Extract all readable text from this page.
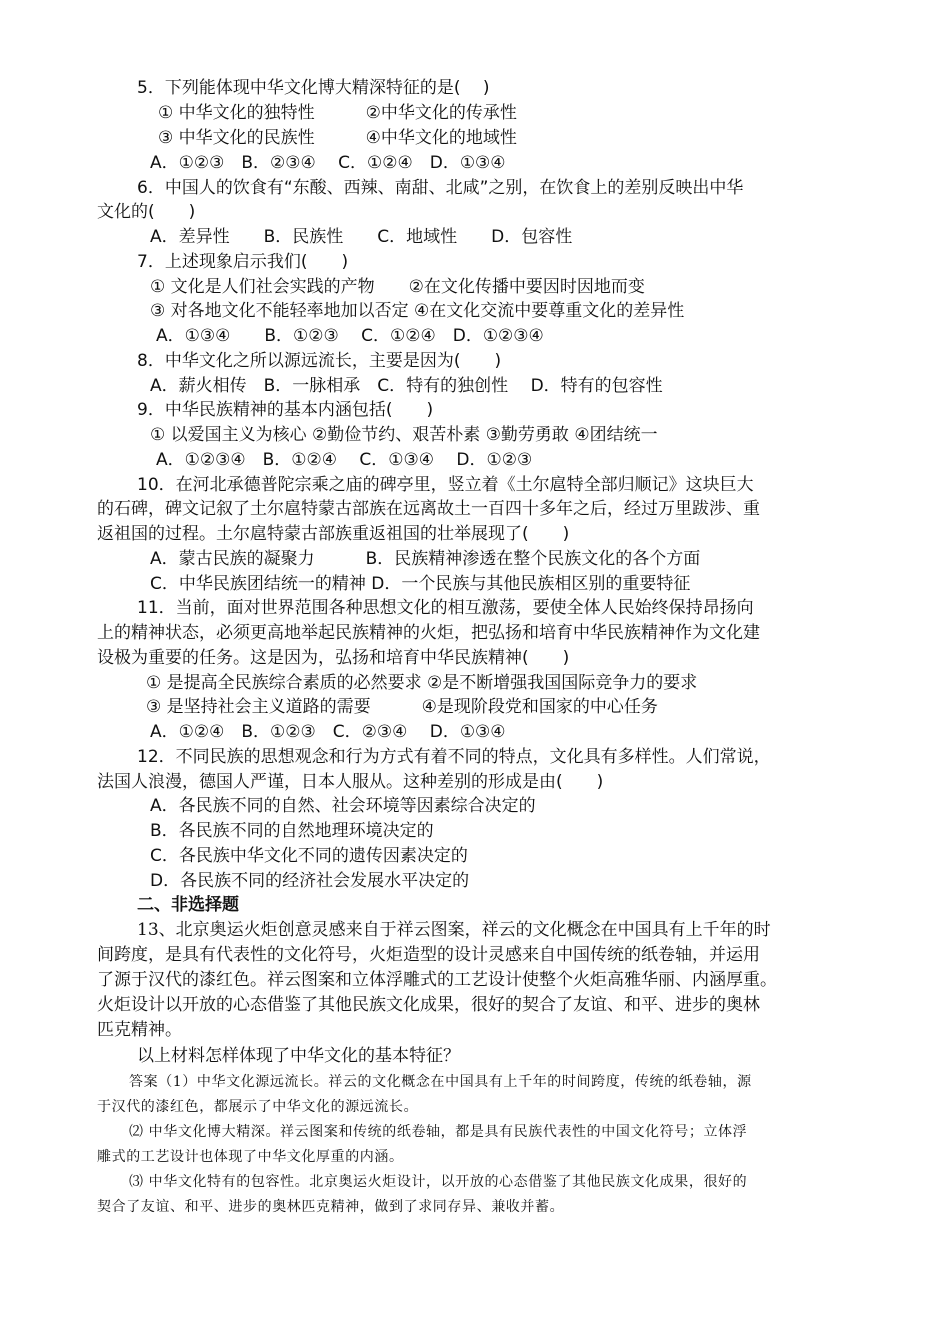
5．下列能体现中华文化博大精深特征的是(　 )
① 中华文化的独特性　　　②中华文化的传承性
③ 中华文化的民族性　　　④中华文化的地域性
A．①②③　B．②③④　 C．①②④　D．①③④
6．中国人的饮食有“东酸、西辣、南甜、北咸”之别，在饮食上的差别反映出中华
文化的(　　)
A．差异性　　B．民族性　　C．地域性　　D．包容性
7．上述现象启示我们(　　)
① 文化是人们社会实践的产物　　②在文化传播中要因时因地而变
③ 对各地文化不能轻率地加以否定 ④在文化交流中要尊重文化的差异性
A．①③④　　B．①②③　 C．①②④　D．①②③④
8．中华文化之所以源远流长，主要是因为(　　)
A．薪火相传　B．一脉相承　C．特有的独创性　 D．特有的包容性
9．中华民族精神的基本内涵包括(　　)
① 以爱国主义为核心 ②勤俭节约、艰苦朴素 ③勤劳勇敢 ④团结统一
A．①②③④　B．①②④　 C．①③④　 D．①②③
10．在河北承德普陀宗乘之庙的碑亭里，竖立着《土尔扈特全部归顺记》这块巨大
的石碑，碑文记叙了土尔扈特蒙古部族在远离故土一百四十多年之后，经过万里跋涉、重
返祖国的过程。土尔扈特蒙古部族重返祖国的壮举展现了(　　)
A．蒙古民族的凝聚力　　　B．民族精神渗透在整个民族文化的各个方面
C．中华民族团结统一的精神 D．一个民族与其他民族相区别的重要特征
11．当前，面对世界范围各种思想文化的相互激荡，要使全体人民始终保持昂扬向
上的精神状态，必须更高地举起民族精神的火炬，把弘扬和培育中华民族精神作为文化建
设极为重要的任务。这是因为，弘扬和培育中华民族精神(　　)
① 是提高全民族综合素质的必然要求 ②是不断增强我国国际竞争力的要求
③ 是坚持社会主义道路的需要　　　④是现阶段党和国家的中心任务
A．①②④　B．①②③　C．②③④　 D．①③④
12．不同民族的思想观念和行为方式有着不同的特点，文化具有多样性。人们常说，
法国人浪漫，德国人严谨，日本人服从。这种差别的形成是由(　　)
A．各民族不同的自然、社会环境等因素综合决定的
B．各民族不同的自然地理环境决定的
C．各民族中华文化不同的遗传因素决定的
D．各民族不同的经济社会发展水平决定的
二、非选择题
13、北京奥运火炬创意灵感来自于祥云图案，祥云的文化概念在中国具有上千年的时
间跨度，是具有代表性的文化符号，火炬造型的设计灵感来自中国传统的纸卷轴，并运用
了源于汉代的漆红色。祥云图案和立体浮雕式的工艺设计使整个火炬高雅华丽、内涵厚重。
火炬设计以开放的心态借鉴了其他民族文化成果，很好的契合了友谊、和平、进步的奥林
匹克精神。
以上材料怎样体现了中华文化的基本特征？
答案（1）中华文化源远流长。祥云的文化概念在中国具有上千年的时间跨度，传统的纸卷轴，源
于汉代的漆红色，都展示了中华文化的源远流长。
⑵ 中华文化博大精深。祥云图案和传统的纸卷轴，都是具有民族代表性的中国文化符号；立体浮
雕式的工艺设计也体现了中华文化厚重的内涵。
⑶ 中华文化特有的包容性。北京奥运火炬设计，以开放的心态借鉴了其他民族文化成果，很好的
契合了友谊、和平、进步的奥林匹克精神，做到了求同存异、兼收并蓄。
